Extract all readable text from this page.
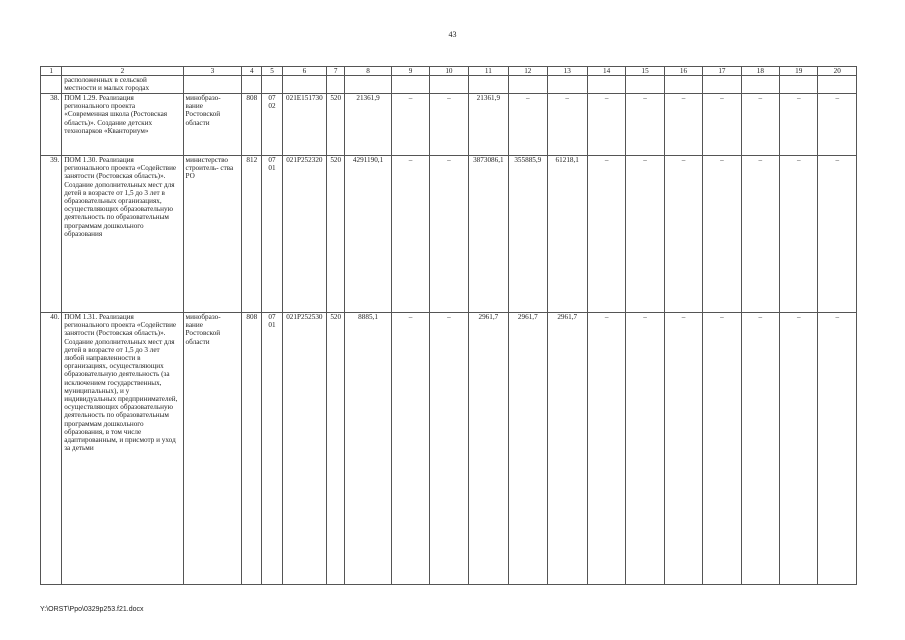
43
1	2	3	4	5	6	7	8	9	10	11	12	13	14	15	16	17	18	19	20
	расположенных в сельской местности и малых городах																		
38.	ПОМ 1.29. Реализация регионального проекта «Современная школа (Ростовская область)». Создание детских технопарков «Кванториум»	минобразо- вание Ростовской области	808	07 02	021Е151730	520	21361,9	–	–	21361,9	–	–	–	–	–	–	–	–	–
39.	ПОМ 1.30. Реализация регионального проекта «Содействие занятости (Ростовская область)». Создание дополнительных мест для детей в возрасте от 1,5 до 3 лет в образовательных организациях, осуществляющих образовательную деятельность по образовательным программам дошкольного образования	министерство строитель- ства РО	812	07 01	021Р252320	520	4291190,1	–	–	3873086,1	355885,9	61218,1	–	–	–	–	–	–	–
40.	ПОМ 1.31. Реализация регионального проекта «Содействие занятости (Ростовская область)». Создание дополнительных мест для детей в возрасте от 1,5 до 3 лет любой направленности в организациях, осуществляющих образовательную деятельность (за исключением государственных, муниципальных), и у индивидуальных предпринимателей, осуществляющих образовательную деятельность по образовательным программам дошкольного образования, в том числе адаптированным, и присмотр и уход за детьми	минобразо- вание Ростовской области	808	07 01	021Р252530	520	8885,1	–	–	2961,7	2961,7	2961,7	–	–	–	–	–	–	–
Y:\ORST\Ppo\0329p253.f21.docx
